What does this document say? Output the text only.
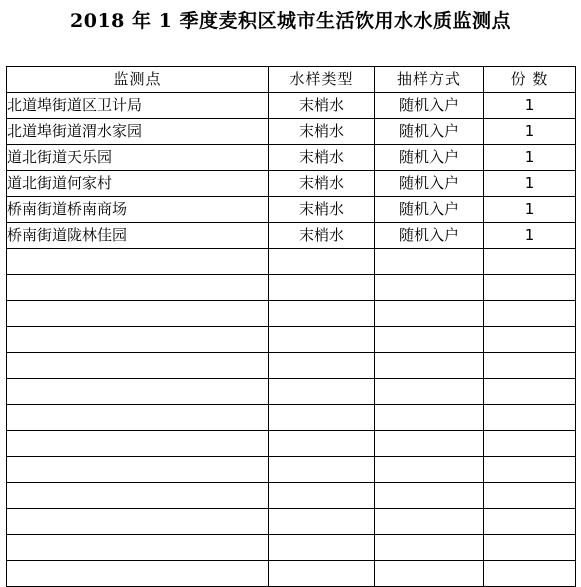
2018 年 1 季度麦积区城市生活饮用水水质监测点
监测点	水样类型	抽样方式	份 数
北道埠街道区卫计局	末梢水	随机入户	1
北道埠街道渭水家园	末梢水	随机入户	1
道北街道天乐园	末梢水	随机入户	1
道北街道何家村	末梢水	随机入户	1
桥南街道桥南商场	末梢水	随机入户	1
桥南街道陇林佳园	末梢水	随机入户	1
